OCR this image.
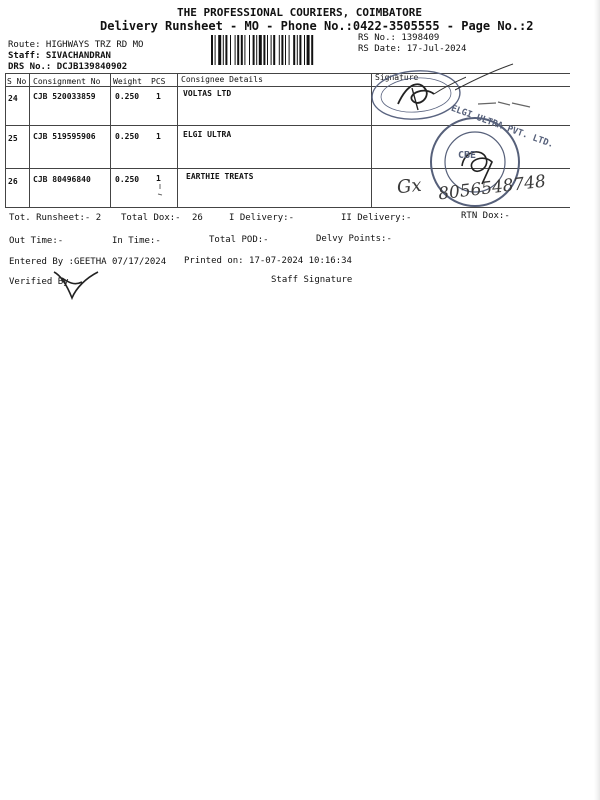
THE PROFESSIONAL COURIERS, COIMBATORE
Delivery Runsheet - MO - Phone No.:0422-3505555 - Page No.:2
Route: HIGHWAYS TRZ RD MO
Staff: SIVACHANDRAN
DRS No.: DCJB139840902
RS No.: 1398409
RS Date: 17-Jul-2024
S No Consignment No Weight PCS Consignee Details	Signature
24 CJB 520033859 0.250 1	VOLTAS LTD
25 CJB 519595906 0.250 1	ELGI ULTRA
26 CJB 80496840	0.250 1	EARTHIE TREATS
ELGI ULTRA PVT. LTD.
CBE
Gx 8056548748
Tot. Runsheet:- 2 Total Dox:- 26	I Delivery:-	II Delivery:-	RTN Dox:-
Out Time:-	In Time:-	Total POD:-	Delvy Points:-
Entered By :GEETHA 07/17/2024 Printed on: 17-07-2024 10:16:34
Verified By	Staff Signature
